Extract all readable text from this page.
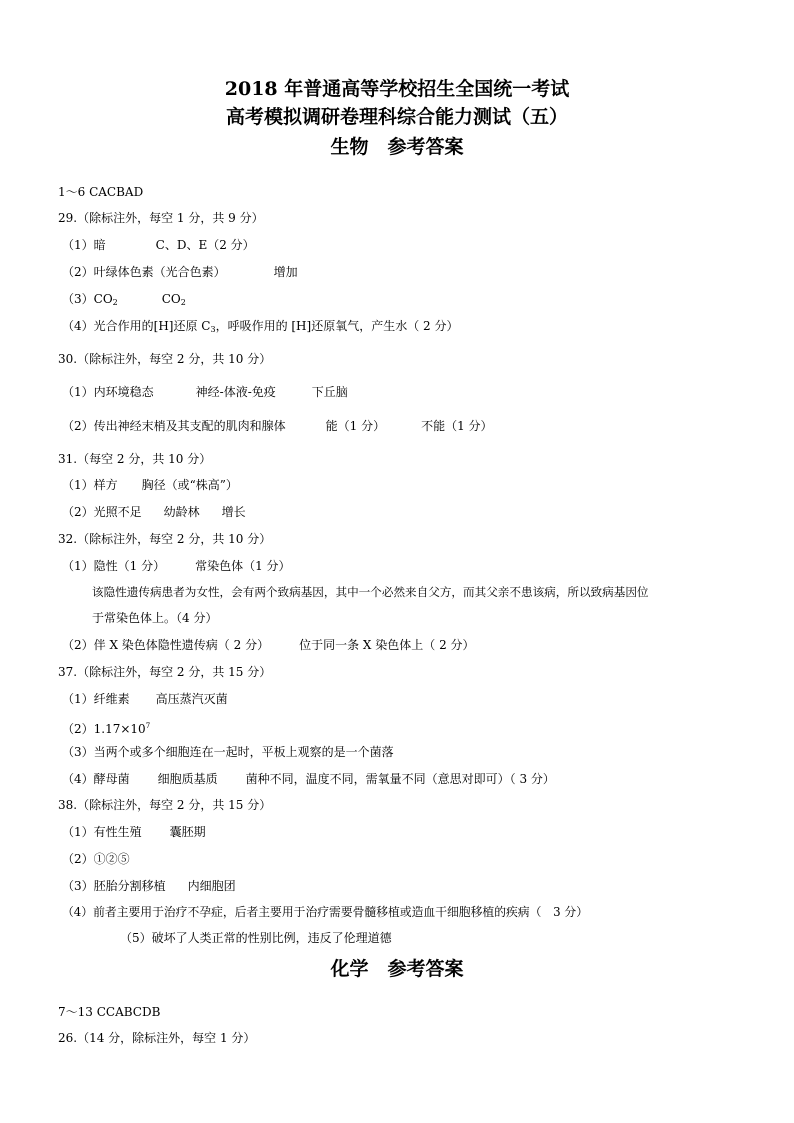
2018 年普通高等学校招生全国统一考试
高考模拟调研卷理科综合能力测试（五）
生物　参考答案
1～6 CACBAD
29.（除标注外，每空 1 分，共 9 分）
（1）暗	C、D、E（2 分）
（2）叶绿体色素（光合色素）	增加
$(3)CO_2$	$CO_2$
（4）光合作用的[H]还原 $C_3$，呼吸作用的 [H]还原氧气，产生水（ 2 分）
30.（除标注外，每空 2 分，共 10 分）
（1）内环境稳态	神经-体液-免疫	下丘脑
（2）传出神经末梢及其支配的肌肉和腺体	能（1 分）	不能（1 分）
31.（每空 2 分，共 10 分）
（1）样方 胸径（或“株高”）
（2）光照不足 幼龄林 增长
32.（除标注外，每空 2 分，共 10 分）
（1）隐性（1 分）	常染色体（1 分）
该隐性遗传病患者为女性，会有两个致病基因，其中一个必然来自父方，而其父亲不患该病，所以致病基因位
于常染色体上。（4 分）
（2）伴 X 染色体隐性遗传病（ 2 分）	位于同一条 X 染色体上（ 2 分）
37.（除标注外，每空 2 分，共 15 分）
（1）纤维素 高压蒸汽灭菌
$(2)1.17\times 10^7$
（3）当两个或多个细胞连在一起时，平板上观察的是一个菌落
（4）酵母菌 细胞质基质 菌种不同，温度不同，需氧量不同（意思对即可）（ 3 分）
38.（除标注外，每空 2 分，共 15 分）
（1）有性生殖 囊胚期
（2）①②⑤
（3）胚胎分割移植 内细胞团
（4）前者主要用于治疗不孕症，后者主要用于治疗需要骨髓移植或造血干细胞移植的疾病（　3 分）
（5）破坏了人类正常的性别比例，违反了伦理道德
化学　参考答案
7～13 CCABCDB
26.（14 分，除标注外，每空 1 分）
